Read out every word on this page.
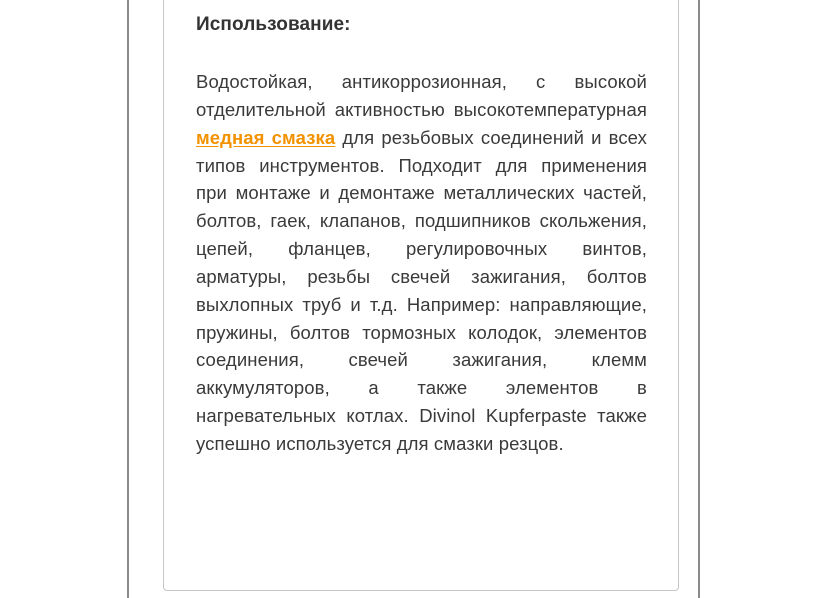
Использование:

Водостойкая, антикоррозионная, с высокой отделительной активностью высокотемпературная медная смазка для резьбовых соединений и всех типов инструментов. Подходит для применения при монтаже и демонтаже металлических частей, болтов, гаек, клапанов, подшипников скольжения, цепей, фланцев, регулировочных винтов, арматуры, резьбы свечей зажигания, болтов выхлопных труб и т.д. Например: направляющие, пружины, болтов тормозных колодок, элементов соединения, свечей зажигания, клемм аккумуляторов, а также элементов в нагревательных котлах. Divinol Kupferpaste также успешно используется для смазки резцов.
